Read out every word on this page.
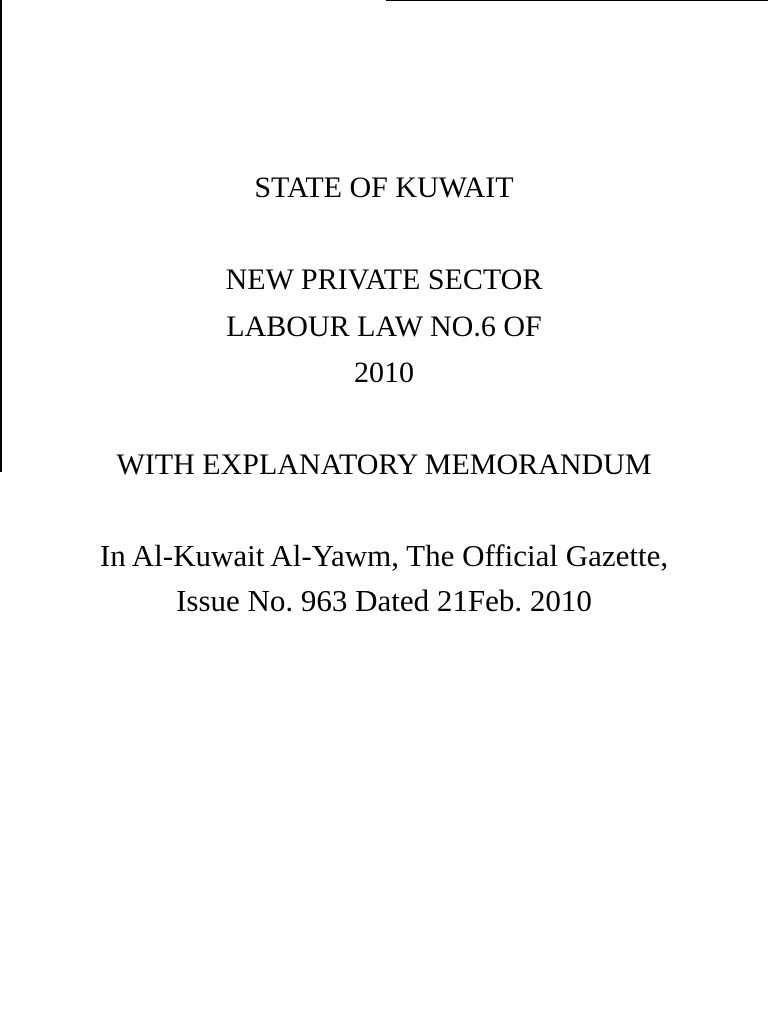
STATE OF KUWAIT
NEW PRIVATE SECTOR
LABOUR LAW NO.6 OF
2010
WITH EXPLANATORY MEMORANDUM
In Al-Kuwait Al-Yawm, The Official Gazette,
Issue No. 963 Dated 21Feb. 2010
